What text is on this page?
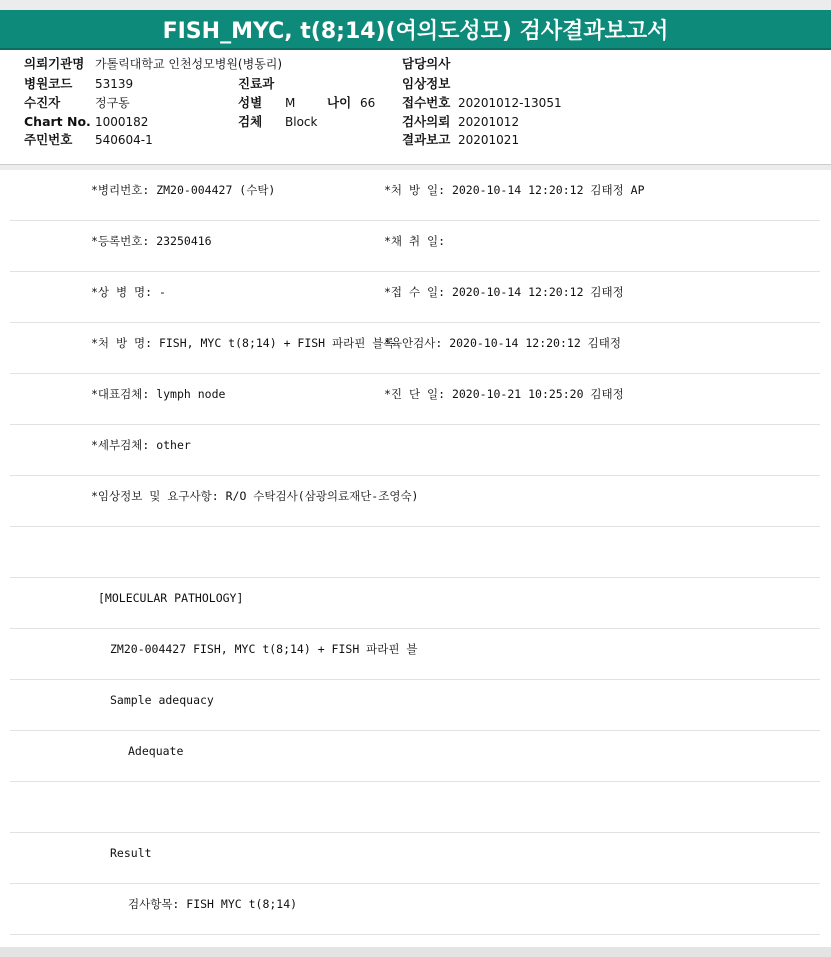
FISH_MYC, t(8;14)(여의도성모) 검사결과보고서
의뢰기관명 가톨릭대학교 인천성모병원(병동리)	담당의사
병원코드 53139	진료과	임상정보
수진자	정구동	성별 M	나이 66 접수번호 20201012-13051
Chart No. 1000182	검체 Block	검사의뢰 20201012
주민번호 540604-1	결과보고 20201021
*병리번호: ZM20-004427 (수탁)	*처 방 일: 2020-10-14 12:20:12 김태정 AP
*등록번호: 23250416	*채 취 일:
*상 병 명: -	*접 수 일: 2020-10-14 12:20:12 김태정
*처 방 명: FISH, MYC t(8;14) + FISH 파라핀 블록
*육안검사: 2020-10-14 12:20:12 김태정
*대표검체: lymph node	*진 단 일: 2020-10-21 10:25:20 김태정
*세부검체: other
*임상정보 및 요구사항: R/O 수탁검사(삼광의료재단-조영숙)
[MOLECULAR PATHOLOGY]
ZM20-004427 FISH, MYC t(8;14) + FISH 파라핀 블
Sample adequacy
Adequate
Result
검사항목: FISH MYC t(8;14)
